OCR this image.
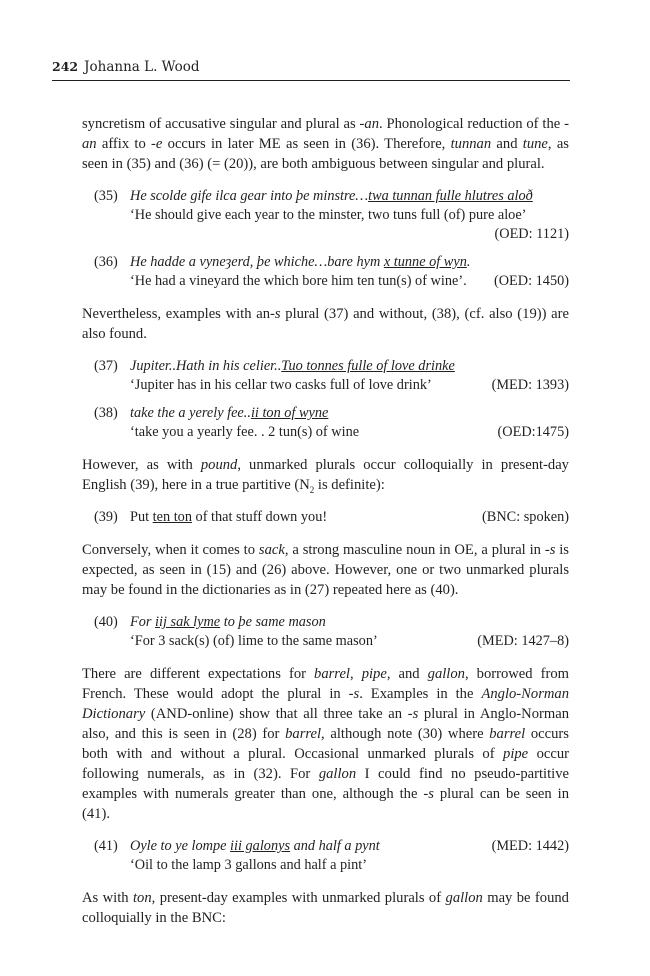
242 Johanna L. Wood

syncretism of accusative singular and plural as -an. Phonological reduction of the -an affix to -e occurs in later ME as seen in (36). Therefore, tunnan and tune, as seen in (35) and (36) (= (20)), are both ambiguous between singular and plural.

(35) He scolde gife ilca gear into þe minstre…twa tunnan fulle hlutres aloð
‘He should give each year to the minster, two tuns full (of) pure aloe’
(OED: 1121)
(36) He hadde a vyneȝerd, þe whiche…bare hym x tunne of wyn.
‘He had a vineyard the which bore him ten tun(s) of wine’. (OED: 1450)

Nevertheless, examples with an-s plural (37) and without, (38), (cf. also (19)) are also found.

(37) Jupiter..Hath in his celier..Tuo tonnes fulle of love drinke
‘Jupiter has in his cellar two casks full of love drink’	(MED: 1393)
(38) take the a yerely fee..ii ton of wyne
‘take you a yearly fee. . 2 tun(s) of wine	(OED:1475)

However, as with pound, unmarked plurals occur colloquially in present-day English (39), here in a true partitive ($N_2$ is definite):

(39) Put ten ton of that stuff down you!	(BNC: spoken)

Conversely, when it comes to sack, a strong masculine noun in OE, a plural in -s is expected, as seen in (15) and (26) above. However, one or two unmarked plurals may be found in the dictionaries as in (27) repeated here as (40).

(40) For iij sak lyme to þe same mason
‘For 3 sack(s) (of) lime to the same mason’	(MED: 1427–8)

There are different expectations for barrel, pipe, and gallon, borrowed from French. These would adopt the plural in -s. Examples in the Anglo-Norman Dictionary (AND-online) show that all three take an -s plural in Anglo-Norman also, and this is seen in (28) for barrel, although note (30) where barrel occurs both with and without a plural. Occasional unmarked plurals of pipe occur following numerals, as in (32). For gallon I could find no pseudo-partitive examples with numerals greater than one, although the -s plural can be seen in (41).

(41) Oyle to ye lompe iii galonys and half a pynt	(MED: 1442)
‘Oil to the lamp 3 gallons and half a pint’

As with ton, present-day examples with unmarked plurals of gallon may be found colloquially in the BNC:
